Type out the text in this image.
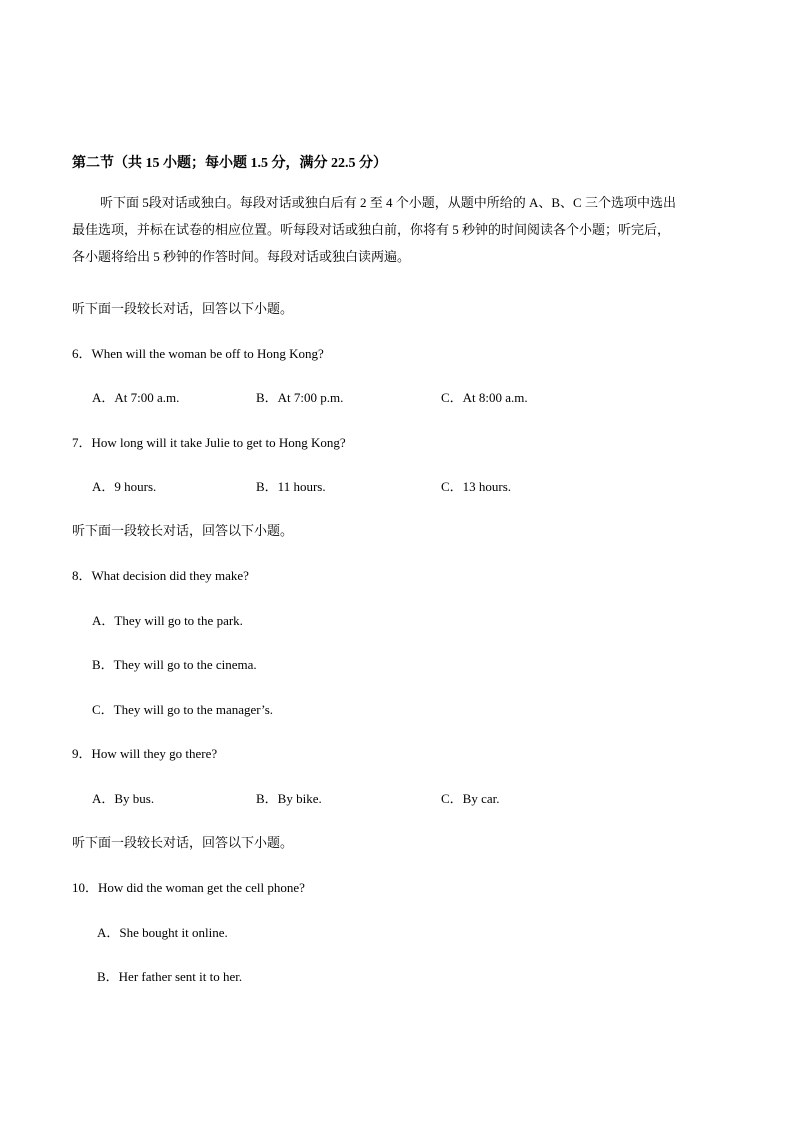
第二节（共 15 小题；每小题 1.5 分，满分 22.5 分）
听下面 5段对话或独白。每段对话或独白后有 2 至 4 个小题，从题中所给的 A、B、C 三个选项中选出
最佳选项，并标在试卷的相应位置。听每段对话或独白前，你将有 5 秒钟的时间阅读各个小题；听完后，
各小题将给出 5 秒钟的作答时间。每段对话或独白读两遍。
听下面一段较长对话，回答以下小题。
6．When will the woman be off to Hong Kong?
A．At 7:00 a.m.	B．At 7:00 p.m.	C．At 8:00 a.m.
7．How long will it take Julie to get to Hong Kong?
A．9 hours.	B．11 hours.	C．13 hours.
听下面一段较长对话，回答以下小题。
8．What decision did they make?
A．They will go to the park.
B．They will go to the cinema.
C．They will go to the manager’s.
9．How will they go there?
A．By bus.	B．By bike.	C．By car.
听下面一段较长对话，回答以下小题。
10．How did the woman get the cell phone?
A．She bought it online.
B．Her father sent it to her.
